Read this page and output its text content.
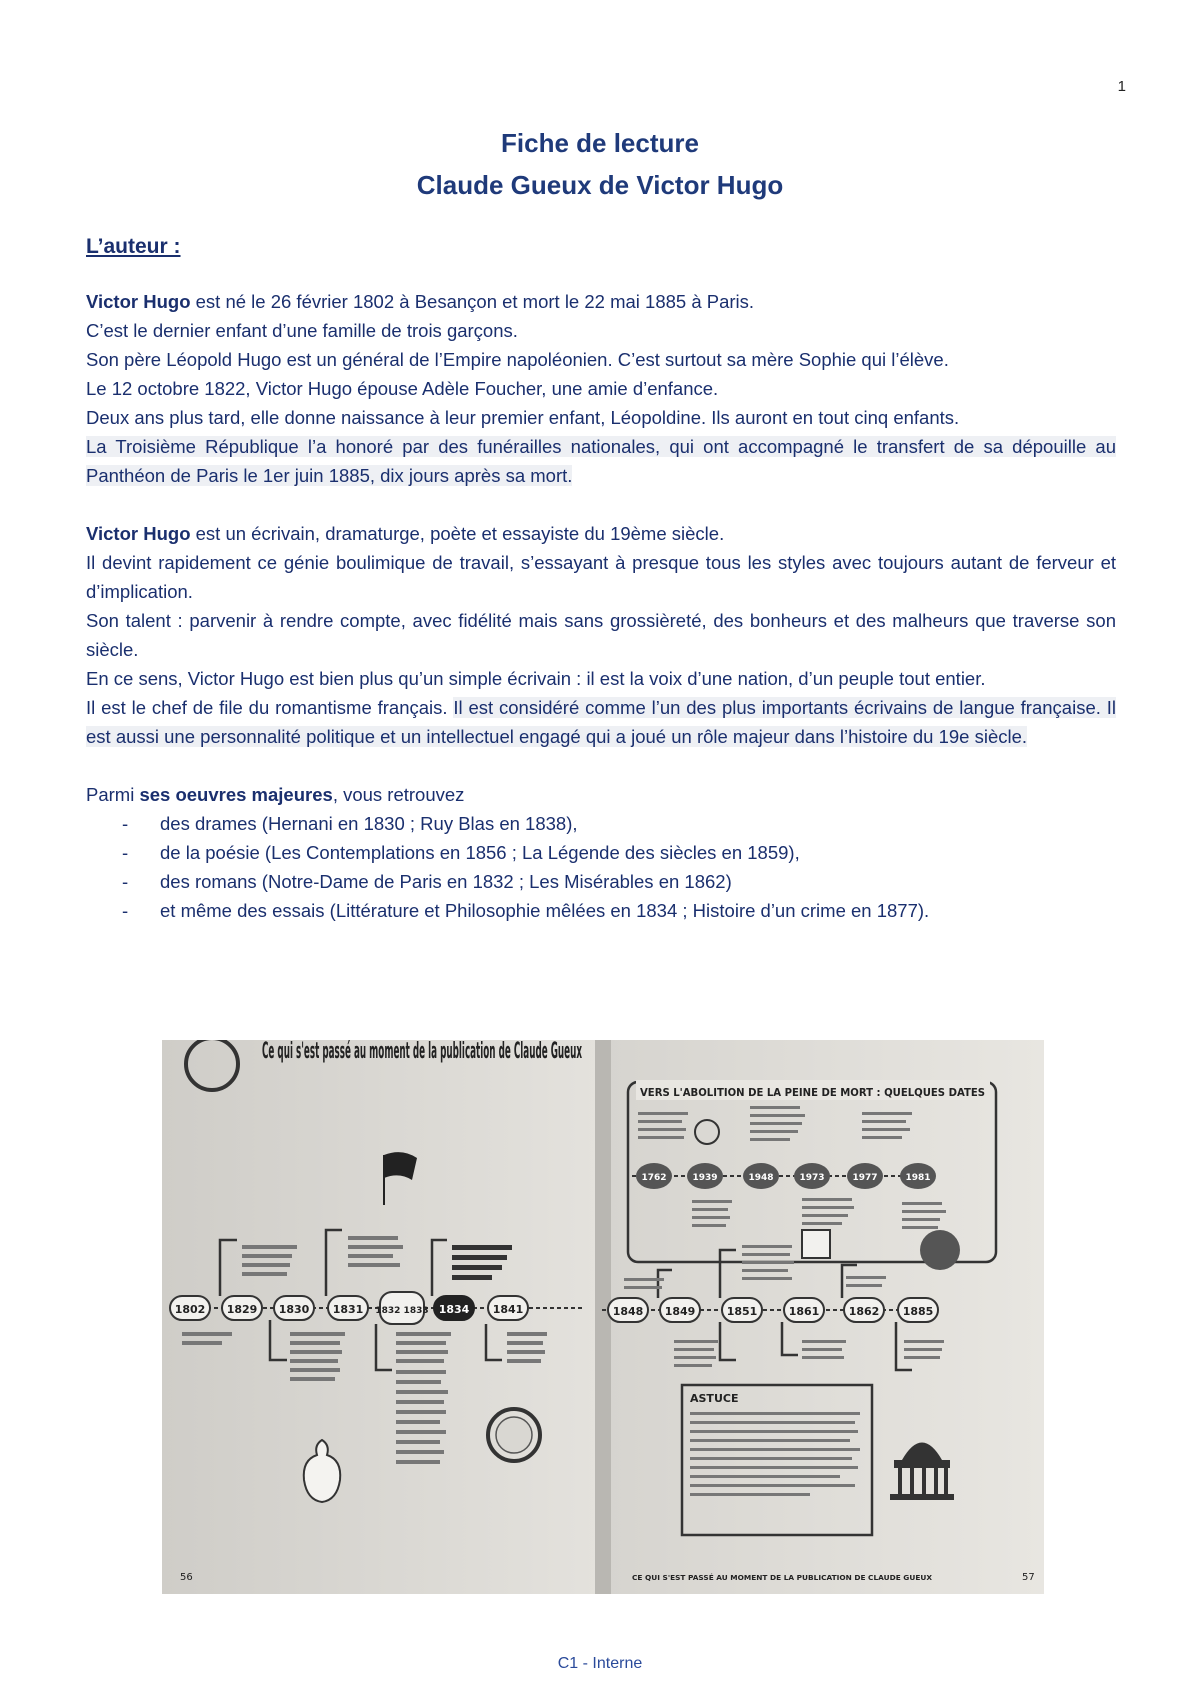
1
Fiche de lecture
Claude Gueux de Victor Hugo
L’auteur :

Victor Hugo est né le 26 février 1802 à Besançon et mort le 22 mai 1885 à Paris.

C’est le dernier enfant d’une famille de trois garçons.

Son père Léopold Hugo est un général de l’Empire napoléonien. C’est surtout sa mère Sophie qui l’élève.

Le 12 octobre 1822, Victor Hugo épouse Adèle Foucher, une amie d’enfance.

Deux ans plus tard, elle donne naissance à leur premier enfant, Léopoldine. Ils auront en tout cinq enfants.

La Troisième République l’a honoré par des funérailles nationales, qui ont accompagné le transfert de sa dépouille au Panthéon de Paris le 1er juin 1885, dix jours après sa mort.

Victor Hugo est un écrivain, dramaturge, poète et essayiste du 19ème siècle.

Il devint rapidement ce génie boulimique de travail, s’essayant à presque tous les styles avec toujours autant de ferveur et d’implication.

Son talent : parvenir à rendre compte, avec fidélité mais sans grossièreté, des bonheurs et des malheurs que traverse son siècle.

En ce sens, Victor Hugo est bien plus qu’un simple écrivain : il est la voix d’une nation, d’un peuple tout entier.

Il est le chef de file du romantisme français. Il est considéré comme l’un des plus importants écrivains de langue française. Il est aussi une personnalité politique et un intellectuel engagé qui a joué un rôle majeur dans l’histoire du 19e siècle.

Parmi ses oeuvres majeures, vous retrouvez

- des drames (Hernani en 1830 ; Ruy Blas en 1838),
- de la poésie (Les Contemplations en 1856 ; La Légende des siècles en 1859),
- des romans (Notre-Dame de Paris en 1832 ; Les Misérables en 1862)
- et même des essais (Littérature et Philosophie mêlées en 1834 ; Histoire d’un crime en 1877).
Ce qui s'est passé au moment de la publication de Claude Gueux
1802 1829 1830 1831 1832 1833 1834 1841
56
VERS L'ABOLITION DE LA PEINE DE MORT : QUELQUES DATES
1762	1939	1948	1973	1977	1981
1848 1849	1851	1861	1862 1885
ASTUCE
CE QUI S'EST PASSÉ AU MOMENT DE LA PUBLICATION DE CLAUDE GUEUX	57
C1 - Interne
